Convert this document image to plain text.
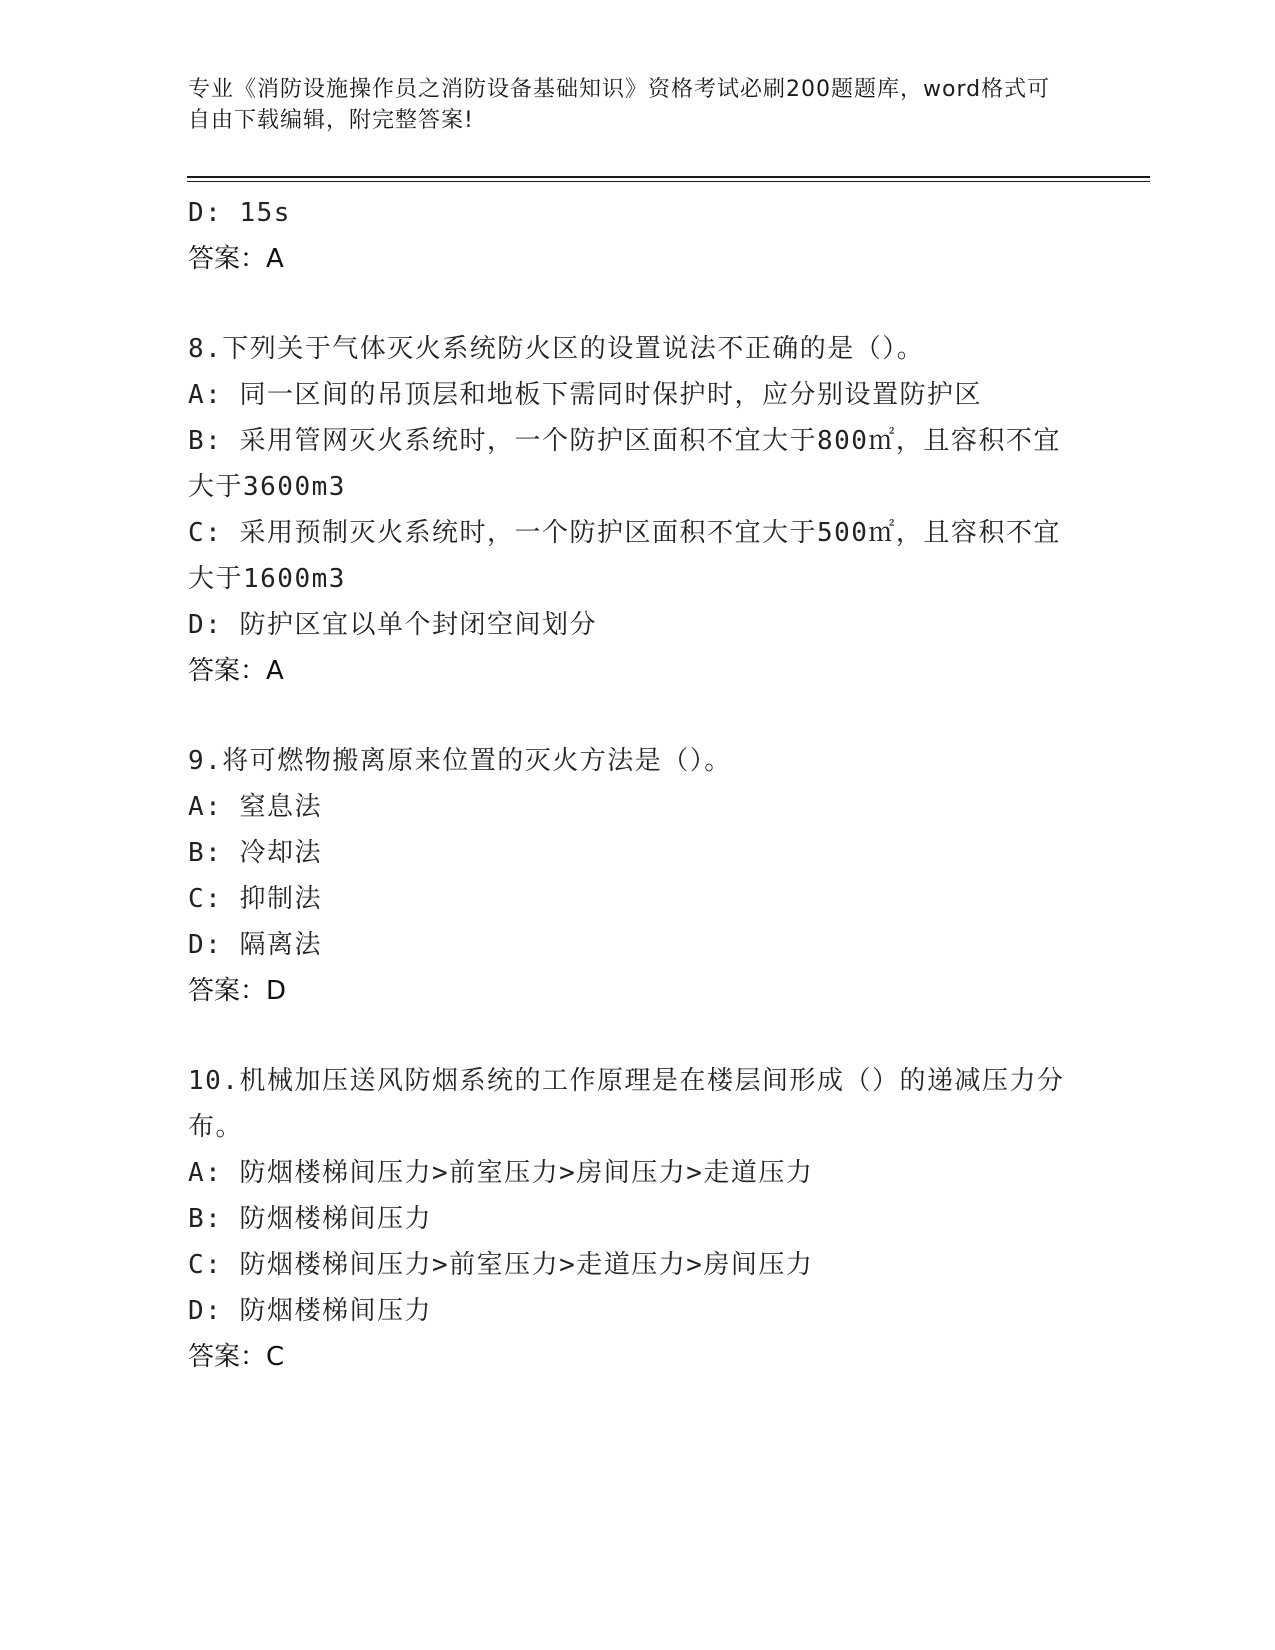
专业《消防设施操作员之消防设备基础知识》资格考试必刷200题题库，word格式可自由下载编辑，附完整答案!
D: 15s
答案：A
8.下列关于气体灭火系统防火区的设置说法不正确的是（）。
A: 同一区间的吊顶层和地板下需同时保护时，应分别设置防护区
B: 采用管网灭火系统时，一个防护区面积不宜大于800㎡，且容积不宜大于3600m3
C: 采用预制灭火系统时，一个防护区面积不宜大于500㎡，且容积不宜大于1600m3
D: 防护区宜以单个封闭空间划分
答案：A
9.将可燃物搬离原来位置的灭火方法是（）。
A: 窒息法
B: 冷却法
C: 抑制法
D: 隔离法
答案：D
10.机械加压送风防烟系统的工作原理是在楼层间形成（）的递减压力分布。
A: 防烟楼梯间压力>前室压力>房间压力>走道压力
B: 防烟楼梯间压力
C: 防烟楼梯间压力>前室压力>走道压力>房间压力
D: 防烟楼梯间压力
答案：C
